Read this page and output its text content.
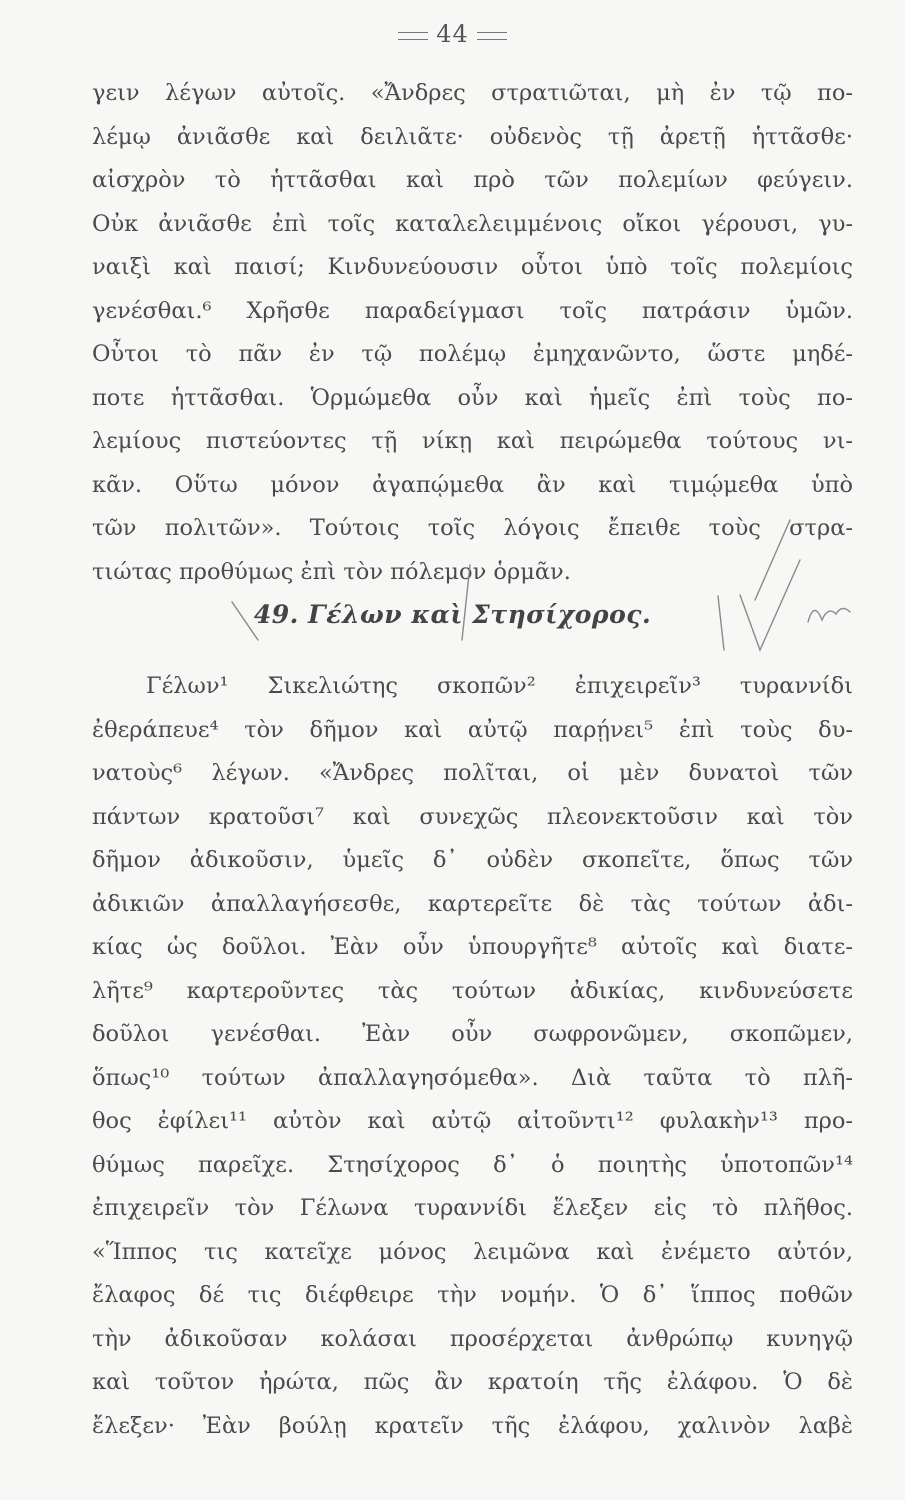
44
γειν λέγων αὐτοῖς. «Ἄνδρες στρατιῶται, μὴ ἐν τῷ πο-
λέμῳ ἀνιᾶσθε καὶ δειλιᾶτε· οὐδενὸς τῇ ἀρετῇ ἡττᾶσθε·
αἰσχρὸν τὸ ἡττᾶσθαι καὶ πρὸ τῶν πολεμίων φεύγειν.
Οὐκ ἀνιᾶσθε ἐπὶ τοῖς καταλελειμμένοις οἴκοι γέρουσι, γυ-
ναιξὶ καὶ παισί; Κινδυνεύουσιν οὗτοι ὑπὸ τοῖς πολεμίοις
γενέσθαι.⁶ Χρῆσθε παραδείγμασι τοῖς πατράσιν ὑμῶν.
Οὗτοι τὸ πᾶν ἐν τῷ πολέμῳ ἐμηχανῶντο, ὥστε μηδέ-
ποτε ἡττᾶσθαι. Ὁρμώμεθα οὖν καὶ ἡμεῖς ἐπὶ τοὺς πο-
λεμίους πιστεύοντες τῇ νίκῃ καὶ πειρώμεθα τούτους νι-
κᾶν. Οὕτω μόνον ἀγαπῴμεθα ἂν καὶ τιμῴμεθα ὑπὸ
τῶν πολιτῶν». Τούτοις τοῖς λόγοις ἔπειθε τοὺς στρα-
τιώτας προθύμως ἐπὶ τὸν πόλεμον ὁρμᾶν.
49. Γέλων καὶ Στησίχορος.
Γέλων¹ Σικελιώτης σκοπῶν² ἐπιχειρεῖν³ τυραννίδι
ἐθεράπευε⁴ τὸν δῆμον καὶ αὐτῷ παρῄνει⁵ ἐπὶ τοὺς δυ-
νατοὺς⁶ λέγων. «Ἄνδρες πολῖται, οἱ μὲν δυνατοὶ τῶν
πάντων κρατοῦσι⁷ καὶ συνεχῶς πλεονεκτοῦσιν καὶ τὸν
δῆμον ἀδικοῦσιν, ὑμεῖς δ᾽ οὐδὲν σκοπεῖτε, ὅπως τῶν
ἀδικιῶν ἀπαλλαγήσεσθε, καρτερεῖτε δὲ τὰς τούτων ἀδι-
κίας ὡς δοῦλοι. Ἐὰν οὖν ὑπουργῆτε⁸ αὐτοῖς καὶ διατε-
λῆτε⁹ καρτεροῦντες τὰς τούτων ἀδικίας, κινδυνεύσετε
δοῦλοι γενέσθαι. Ἐὰν οὖν σωφρονῶμεν, σκοπῶμεν,
ὅπως¹⁰ τούτων ἀπαλλαγησόμεθα». Διὰ ταῦτα τὸ πλῆ-
θος ἐφίλει¹¹ αὐτὸν καὶ αὐτῷ αἰτοῦντι¹² φυλακὴν¹³ προ-
θύμως παρεῖχε. Στησίχορος δ᾽ ὁ ποιητὴς ὑποτοπῶν¹⁴
ἐπιχειρεῖν τὸν Γέλωνα τυραννίδι ἕλεξεν εἰς τὸ πλῆθος.
«Ἵππος τις κατεῖχε μόνος λειμῶνα καὶ ἐνέμετο αὐτόν,
ἔλαφος δέ τις διέφθειρε τὴν νομήν. Ὁ δ᾽ ἵππος ποθῶν
τὴν ἀδικοῦσαν κολάσαι προσέρχεται ἀνθρώπῳ κυνηγῷ
καὶ τοῦτον ἠρώτα, πῶς ἂν κρατοίη τῆς ἐλάφου. Ὁ δὲ
ἔλεξεν· Ἐὰν βούλῃ κρατεῖν τῆς ἐλάφου, χαλινὸν λαβὲ
